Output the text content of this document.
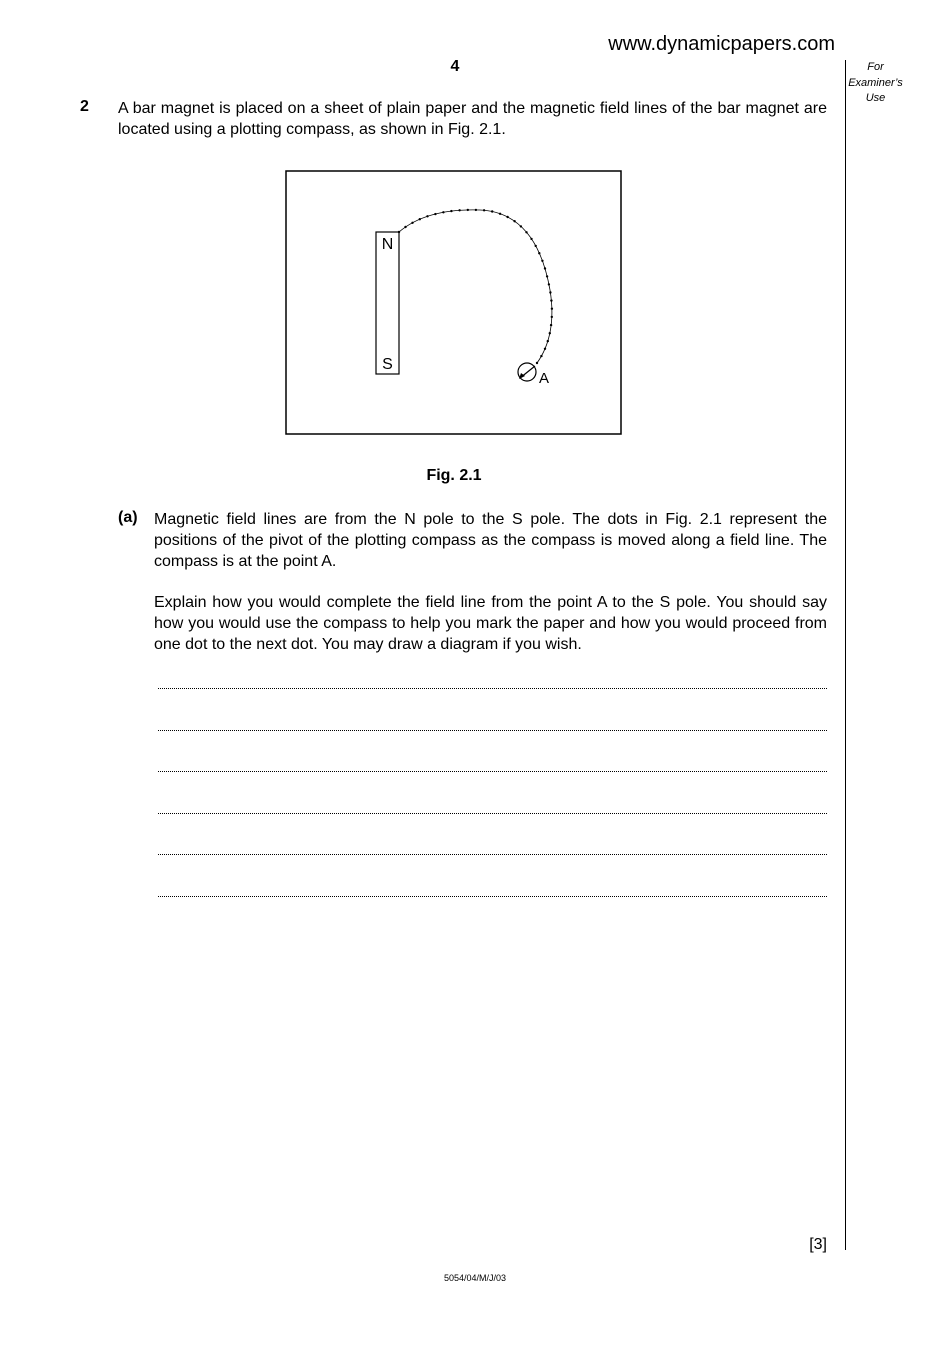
www.dynamicpapers.com
4	For
Examiner’s
Use
2 A bar magnet is placed on a sheet of plain paper and the magnetic field lines of the bar magnet are located using a plotting compass, as shown in Fig. 2.1.
N
S
A
Fig. 2.1
(a) Magnetic field lines are from the N pole to the S pole. The dots in Fig. 2.1 represent the positions of the pivot of the plotting compass as the compass is moved along a field line. The compass is at the point A.
Explain how you would complete the field line from the point A to the S pole. You should say how you would use the compass to help you mark the paper and how you would proceed from one dot to the next dot. You may draw a diagram if you wish.
[3]
5054/04/M/J/03
